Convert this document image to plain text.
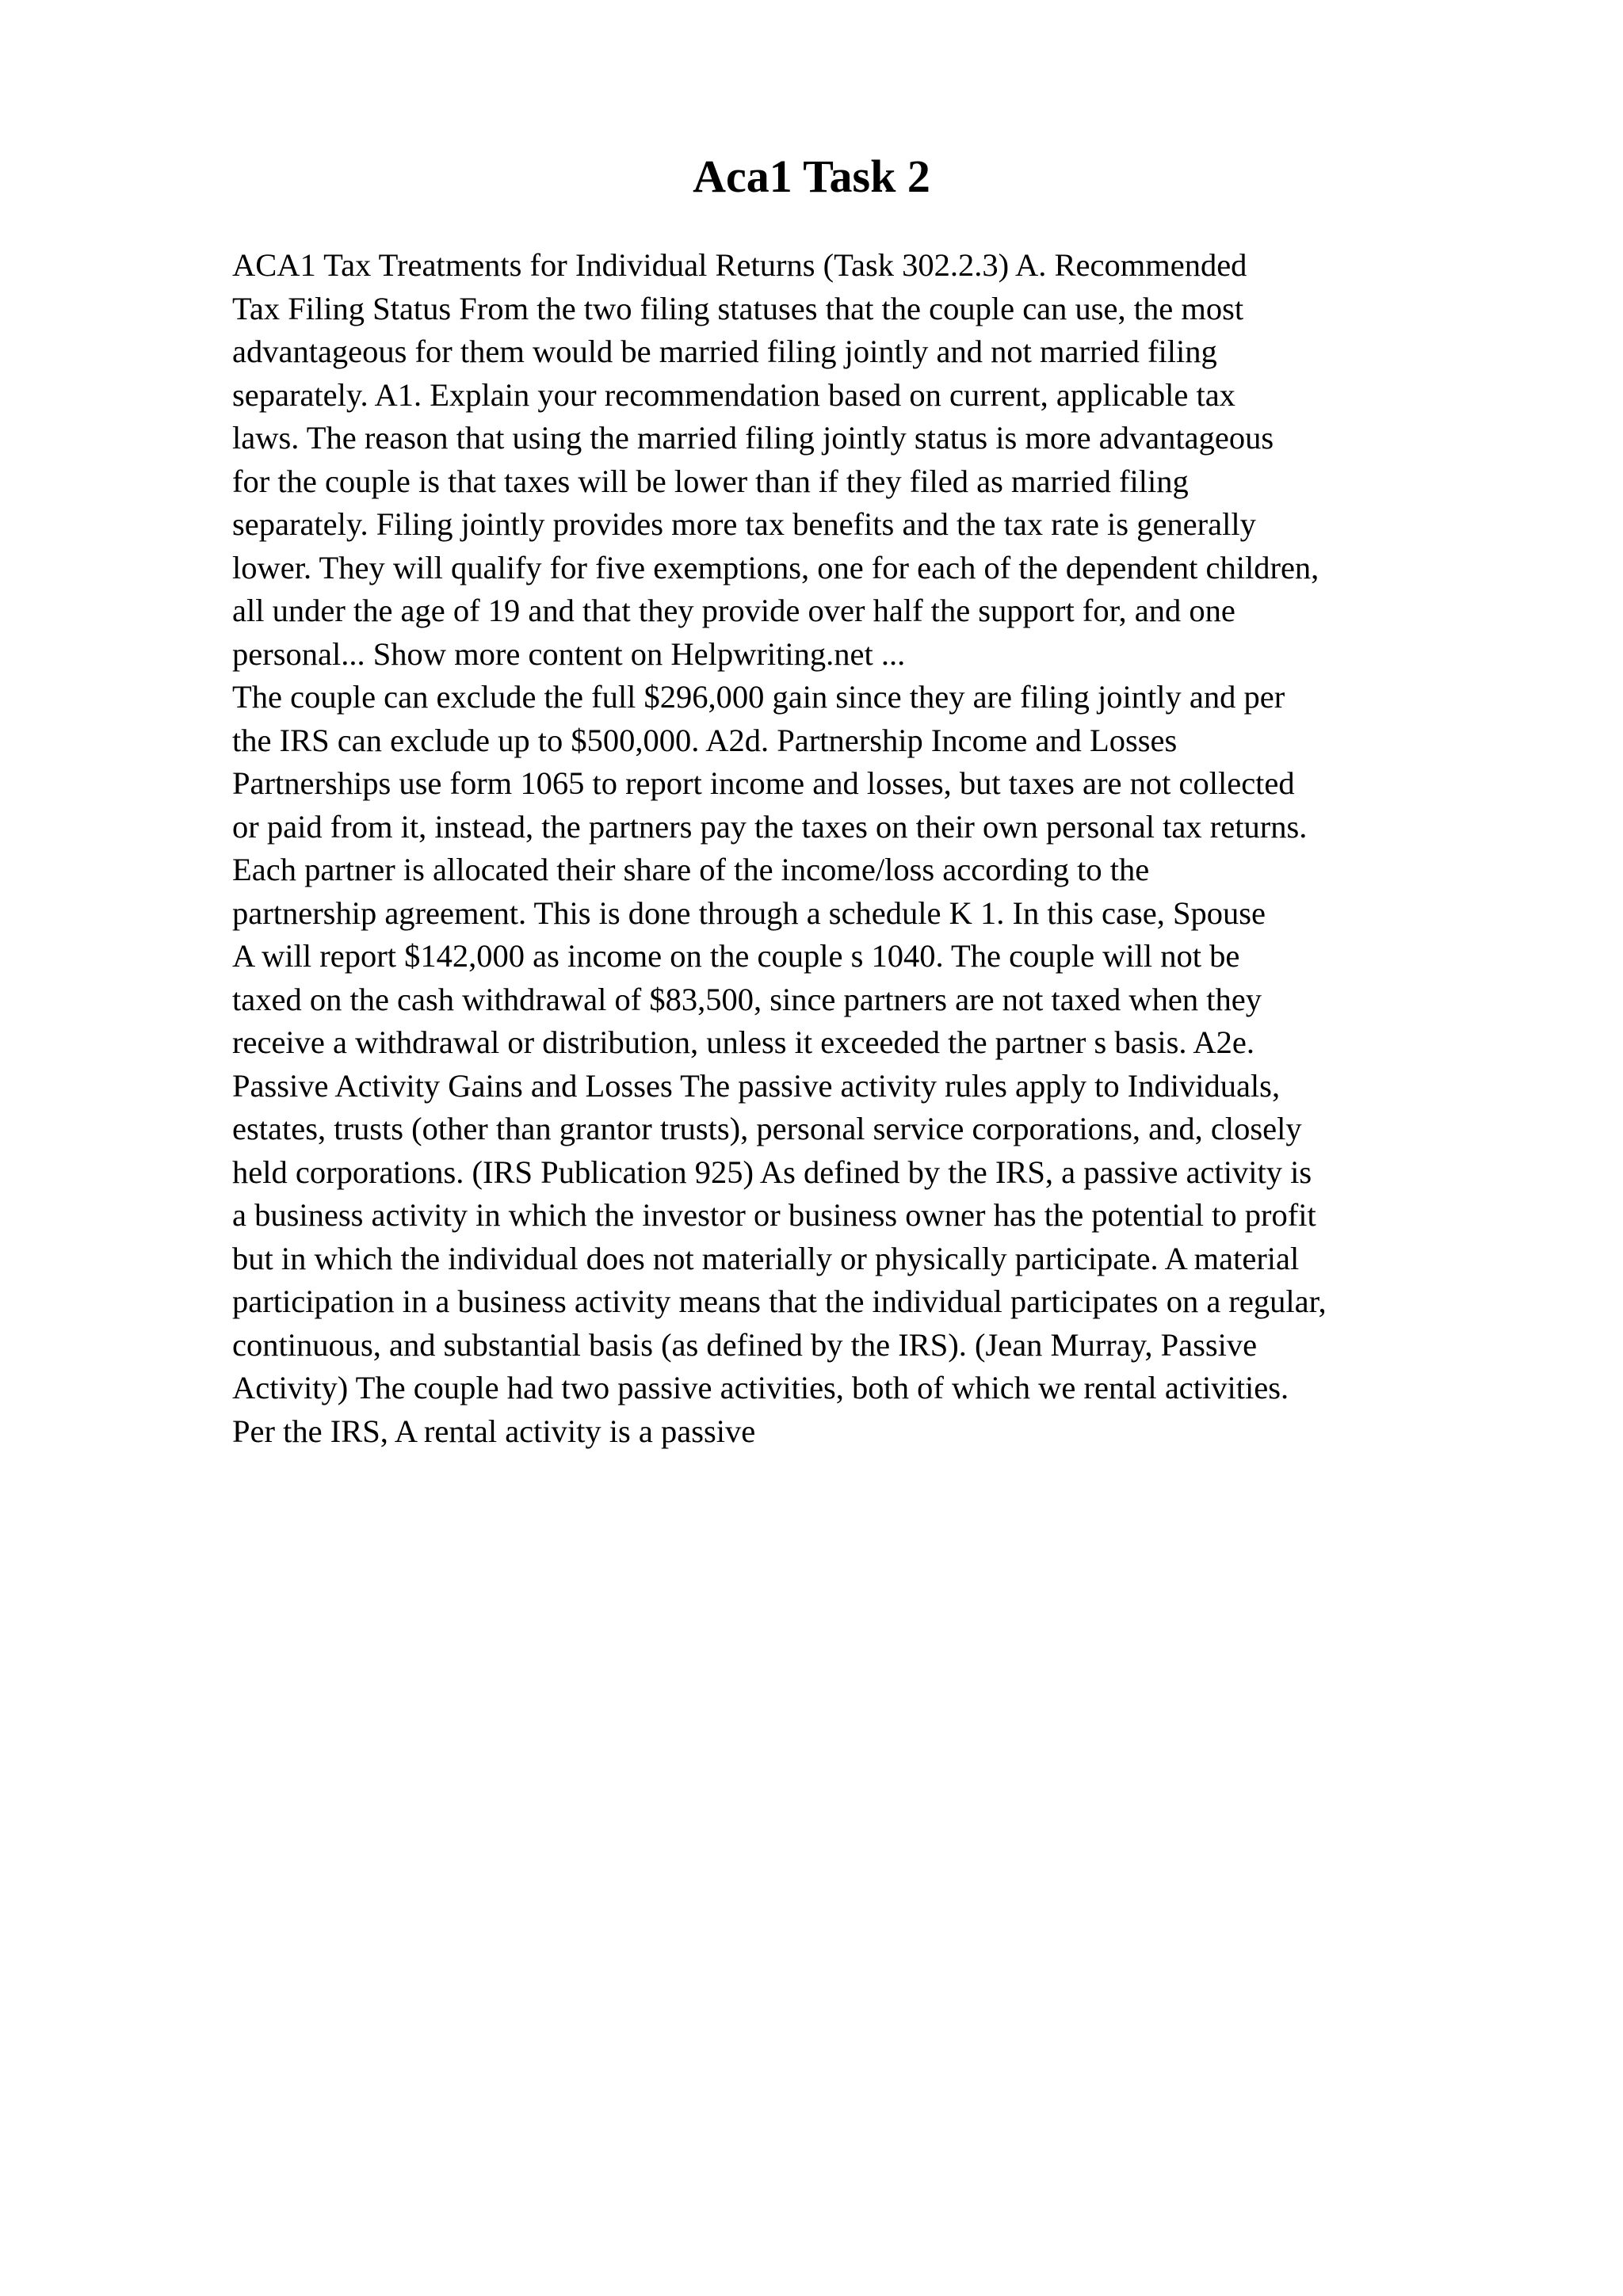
Aca1 Task 2

ACA1 Tax Treatments for Individual Returns (Task 302.2.3) A. Recommended
Tax Filing Status From the two filing statuses that the couple can use, the most
advantageous for them would be married filing jointly and not married filing
separately. A1. Explain your recommendation based on current, applicable tax
laws. The reason that using the married filing jointly status is more advantageous
for the couple is that taxes will be lower than if they filed as married filing
separately. Filing jointly provides more tax benefits and the tax rate is generally
lower. They will qualify for five exemptions, one for each of the dependent children,
all under the age of 19 and that they provide over half the support for, and one
personal... Show more content on Helpwriting.net ...

The couple can exclude the full $296,000 gain since they are filing jointly and per
the IRS can exclude up to $500,000. A2d. Partnership Income and Losses
Partnerships use form 1065 to report income and losses, but taxes are not collected
or paid from it, instead, the partners pay the taxes on their own personal tax returns.
Each partner is allocated their share of the income/loss according to the
partnership agreement. This is done through a schedule K 1. In this case, Spouse
A will report $142,000 as income on the couple s 1040. The couple will not be
taxed on the cash withdrawal of $83,500, since partners are not taxed when they
receive a withdrawal or distribution, unless it exceeded the partner s basis. A2e.
Passive Activity Gains and Losses The passive activity rules apply to Individuals,
estates, trusts (other than grantor trusts), personal service corporations, and, closely
held corporations. (IRS Publication 925) As defined by the IRS, a passive activity is
a business activity in which the investor or business owner has the potential to profit
but in which the individual does not materially or physically participate. A material
participation in a business activity means that the individual participates on a regular,
continuous, and substantial basis (as defined by the IRS). (Jean Murray, Passive
Activity) The couple had two passive activities, both of which we rental activities.
Per the IRS, A rental activity is a passive
